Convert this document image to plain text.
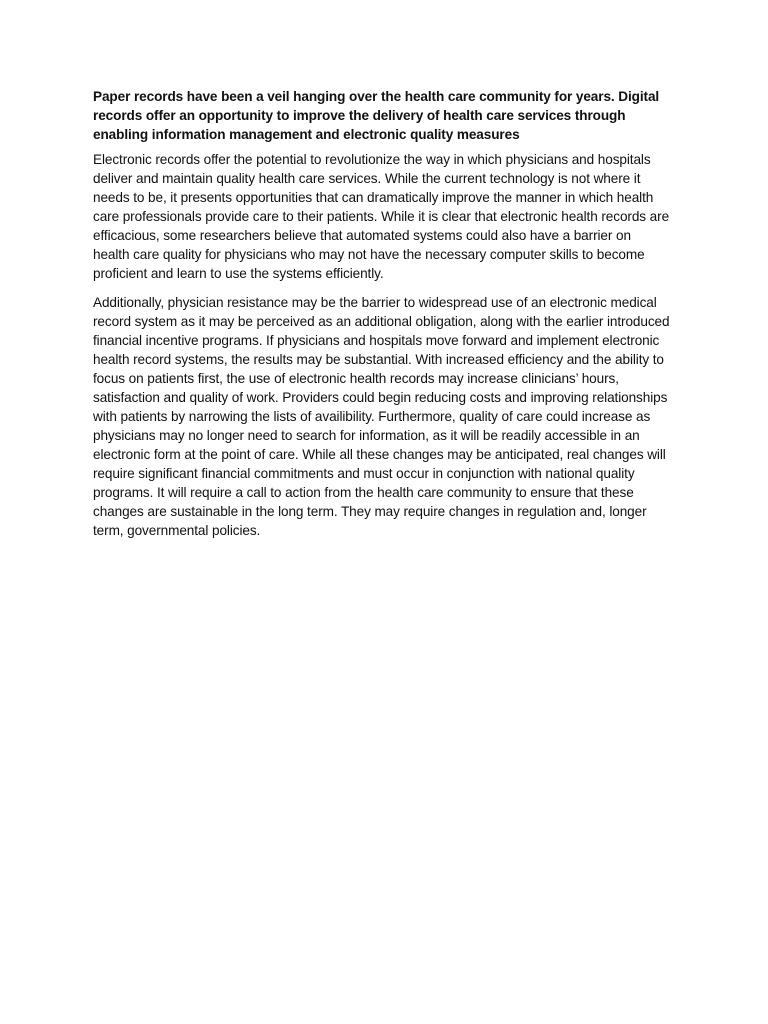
Paper records have been a veil hanging over the health care community for years. Digital records offer an opportunity to improve the delivery of health care services through enabling information management and electronic quality measures

Electronic records offer the potential to revolutionize the way in which physicians and hospitals deliver and maintain quality health care services. While the current technology is not where it needs to be, it presents opportunities that can dramatically improve the manner in which health care professionals provide care to their patients. While it is clear that electronic health records are efficacious, some researchers believe that automated systems could also have a barrier on health care quality for physicians who may not have the necessary computer skills to become proficient and learn to use the systems efficiently.

Additionally, physician resistance may be the barrier to widespread use of an electronic medical record system as it may be perceived as an additional obligation, along with the earlier introduced financial incentive programs. If physicians and hospitals move forward and implement electronic health record systems, the results may be substantial. With increased efficiency and the ability to focus on patients first, the use of electronic health records may increase clinicians’ hours, satisfaction and quality of work. Providers could begin reducing costs and improving relationships with patients by narrowing the lists of availibility. Furthermore, quality of care could increase as physicians may no longer need to search for information, as it will be readily accessible in an electronic form at the point of care. While all these changes may be anticipated, real changes will require significant financial commitments and must occur in conjunction with national quality programs. It will require a call to action from the health care community to ensure that these changes are sustainable in the long term. They may require changes in regulation and, longer term, governmental policies.
